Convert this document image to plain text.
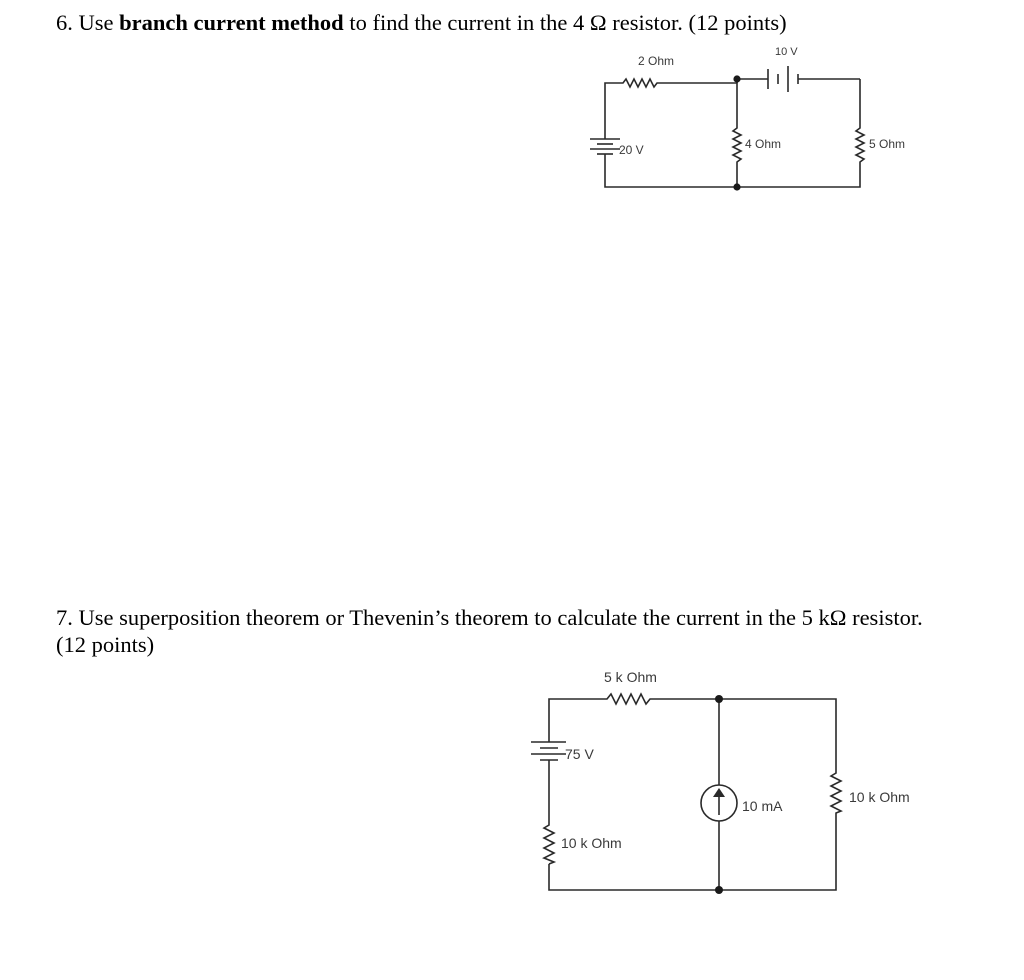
6. Use branch current method to find the current in the 4 Ω resistor. (12 points)

2 Ohm
10 V
20 V	4 Ohm	5 Ohm

7. Use superposition theorem or Thevenin’s theorem to calculate the current in the 5 kΩ resistor. (12 points)

5 k Ohm
75 V
10 k Ohm
10 mA
10 k Ohm
